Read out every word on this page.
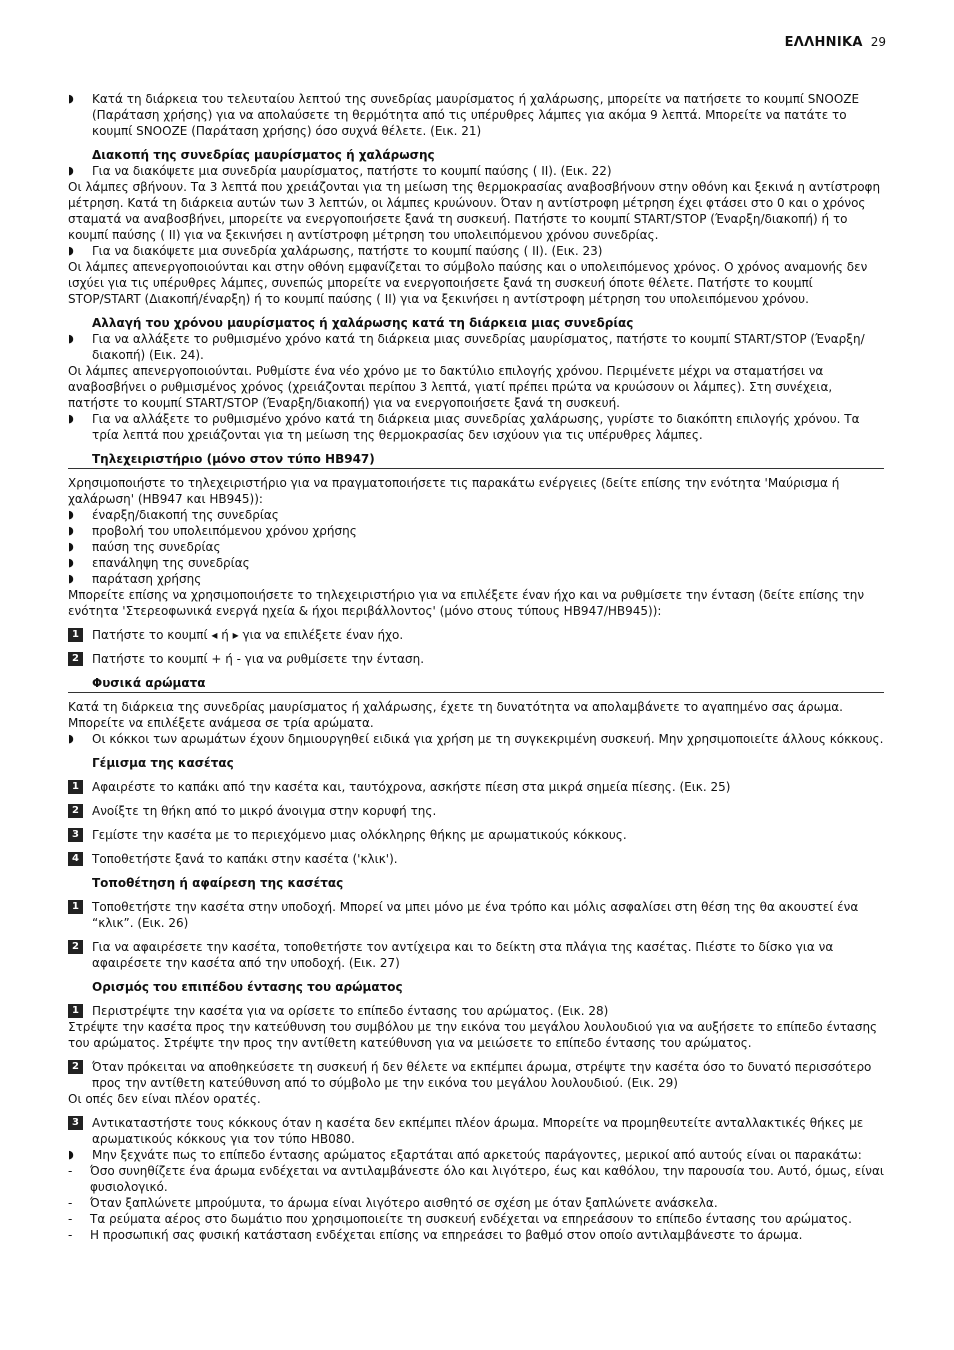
ΕΛΛΗΝΙΚΑ 29
◗	Κατά τη διάρκεια του τελευταίου λεπτού της συνεδρίας μαυρίσματος ή χαλάρωσης, μπορείτε να πατήσετε το κουμπί SNOOZE (Παράταση χρήσης) για να απολαύσετε τη θερμότητα από τις υπέρυθρες λάμπες για ακόμα 9 λεπτά. Μπορείτε να πατάτε το κουμπί SNOOZE (Παράταση χρήσης) όσο συχνά θέλετε. (Εικ. 21)
Διακοπή της συνεδρίας μαυρίσματος ή χαλάρωσης
◗	Για να διακόψετε μια συνεδρία μαυρίσματος, πατήστε το κουμπί παύσης ( II). (Εικ. 22)
Οι λάμπες σβήνουν. Τα 3 λεπτά που χρειάζονται για τη μείωση της θερμοκρασίας αναβοσβήνουν στην οθόνη και ξεκινά η αντίστροφη μέτρηση. Κατά τη διάρκεια αυτών των 3 λεπτών, οι λάμπες κρυώνουν. Όταν η αντίστροφη μέτρηση έχει φτάσει στο 0 και ο χρόνος σταματά να αναβοσβήνει, μπορείτε να ενεργοποιήσετε ξανά τη συσκευή. Πατήστε το κουμπί START/STOP (Έναρξη/διακοπή) ή το κουμπί παύσης ( II) για να ξεκινήσει η αντίστροφη μέτρηση του υπολειπόμενου χρόνου συνεδρίας.
◗	Για να διακόψετε μια συνεδρία χαλάρωσης, πατήστε το κουμπί παύσης ( II). (Εικ. 23)
Οι λάμπες απενεργοποιούνται και στην οθόνη εμφανίζεται το σύμβολο παύσης και ο υπολειπόμενος χρόνος. Ο χρόνος αναμονής δεν ισχύει για τις υπέρυθρες λάμπες, συνεπώς μπορείτε να ενεργοποιήσετε ξανά τη συσκευή όποτε θέλετε. Πατήστε το κουμπί STOP/START (Διακοπή/έναρξη) ή το κουμπί παύσης ( II) για να ξεκινήσει η αντίστροφη μέτρηση του υπολειπόμενου χρόνου.
Αλλαγή του χρόνου μαυρίσματος ή χαλάρωσης κατά τη διάρκεια μιας συνεδρίας
◗	Για να αλλάξετε το ρυθμισμένο χρόνο κατά τη διάρκεια μιας συνεδρίας μαυρίσματος, πατήστε το κουμπί START/STOP (Έναρξη/διακοπή) (Εικ. 24).
Οι λάμπες απενεργοποιούνται. Ρυθμίστε ένα νέο χρόνο με το δακτύλιο επιλογής χρόνου. Περιμένετε μέχρι να σταματήσει να αναβοσβήνει ο ρυθμισμένος χρόνος (χρειάζονται περίπου 3 λεπτά, γιατί πρέπει πρώτα να κρυώσουν οι λάμπες). Στη συνέχεια, πατήστε το κουμπί START/STOP (Έναρξη/διακοπή) για να ενεργοποιήσετε ξανά τη συσκευή.
◗	Για να αλλάξετε το ρυθμισμένο χρόνο κατά τη διάρκεια μιας συνεδρίας χαλάρωσης, γυρίστε το διακόπτη επιλογής χρόνου. Τα τρία λεπτά που χρειάζονται για τη μείωση της θερμοκρασίας δεν ισχύουν για τις υπέρυθρες λάμπες.
Τηλεχειριστήριο (μόνο στον τύπο HB947)
Χρησιμοποιήστε το τηλεχειριστήριο για να πραγματοποιήσετε τις παρακάτω ενέργειες (δείτε επίσης την ενότητα 'Μαύρισμα ή χαλάρωση' (HB947 και HB945)):
◗	έναρξη/διακοπή της συνεδρίας
◗	προβολή του υπολειπόμενου χρόνου χρήσης
◗	παύση της συνεδρίας
◗	επανάληψη της συνεδρίας
◗	παράταση χρήσης
Μπορείτε επίσης να χρησιμοποιήσετε το τηλεχειριστήριο για να επιλέξετε έναν ήχο και να ρυθμίσετε την ένταση (δείτε επίσης την ενότητα 'Στερεοφωνικά ενεργά ηχεία & ήχοι περιβάλλοντος' (μόνο στους τύπους HB947/HB945)):
1	Πατήστε το κουμπί ◂ ή ▸ για να επιλέξετε έναν ήχο.
2	Πατήστε το κουμπί + ή - για να ρυθμίσετε την ένταση.
Φυσικά αρώματα
Κατά τη διάρκεια της συνεδρίας μαυρίσματος ή χαλάρωσης, έχετε τη δυνατότητα να απολαμβάνετε το αγαπημένο σας άρωμα. Μπορείτε να επιλέξετε ανάμεσα σε τρία αρώματα.
◗	Οι κόκκοι των αρωμάτων έχουν δημιουργηθεί ειδικά για χρήση με τη συγκεκριμένη συσκευή. Μην χρησιμοποιείτε άλλους κόκκους.
Γέμισμα της κασέτας
1	Αφαιρέστε το καπάκι από την κασέτα και, ταυτόχρονα, ασκήστε πίεση στα μικρά σημεία πίεσης. (Εικ. 25)
2	Ανοίξτε τη θήκη από το μικρό άνοιγμα στην κορυφή της.
3	Γεμίστε την κασέτα με το περιεχόμενο μιας ολόκληρης θήκης με αρωματικούς κόκκους.
4	Τοποθετήστε ξανά το καπάκι στην κασέτα ('κλικ').
Τοποθέτηση ή αφαίρεση της κασέτας
1	Τοποθετήστε την κασέτα στην υποδοχή. Μπορεί να μπει μόνο με ένα τρόπο και μόλις ασφαλίσει στη θέση της θα ακουστεί ένα “κλικ”. (Εικ. 26)
2	Για να αφαιρέσετε την κασέτα, τοποθετήστε τον αντίχειρα και το δείκτη στα πλάγια της κασέτας. Πιέστε το δίσκο για να αφαιρέσετε την κασέτα από την υποδοχή. (Εικ. 27)
Ορισμός του επιπέδου έντασης του αρώματος
1	Περιστρέψτε την κασέτα για να ορίσετε το επίπεδο έντασης του αρώματος. (Εικ. 28)
Στρέψτε την κασέτα προς την κατεύθυνση του συμβόλου με την εικόνα του μεγάλου λουλουδιού για να αυξήσετε το επίπεδο έντασης του αρώματος. Στρέψτε την προς την αντίθετη κατεύθυνση για να μειώσετε το επίπεδο έντασης του αρώματος.
2	Όταν πρόκειται να αποθηκεύσετε τη συσκευή ή δεν θέλετε να εκπέμπει άρωμα, στρέψτε την κασέτα όσο το δυνατό περισσότερο προς την αντίθετη κατεύθυνση από το σύμβολο με την εικόνα του μεγάλου λουλουδιού. (Εικ. 29)
Οι οπές δεν είναι πλέον ορατές.
3	Αντικαταστήστε τους κόκκους όταν η κασέτα δεν εκπέμπει πλέον άρωμα. Μπορείτε να προμηθευτείτε ανταλλακτικές θήκες με αρωματικούς κόκκους για τον τύπο HB080.
◗	Μην ξεχνάτε πως το επίπεδο έντασης αρώματος εξαρτάται από αρκετούς παράγοντες, μερικοί από αυτούς είναι οι παρακάτω:
-	Όσο συνηθίζετε ένα άρωμα ενδέχεται να αντιλαμβάνεστε όλο και λιγότερο, έως και καθόλου, την παρουσία του. Αυτό, όμως, είναι φυσιολογικό.
-	Όταν ξαπλώνετε μπρούμυτα, το άρωμα είναι λιγότερο αισθητό σε σχέση με όταν ξαπλώνετε ανάσκελα.
-	Τα ρεύματα αέρος στο δωμάτιο που χρησιμοποιείτε τη συσκευή ενδέχεται να επηρεάσουν το επίπεδο έντασης του αρώματος.
-	Η προσωπική σας φυσική κατάσταση ενδέχεται επίσης να επηρεάσει το βαθμό στον οποίο αντιλαμβάνεστε το άρωμα.
